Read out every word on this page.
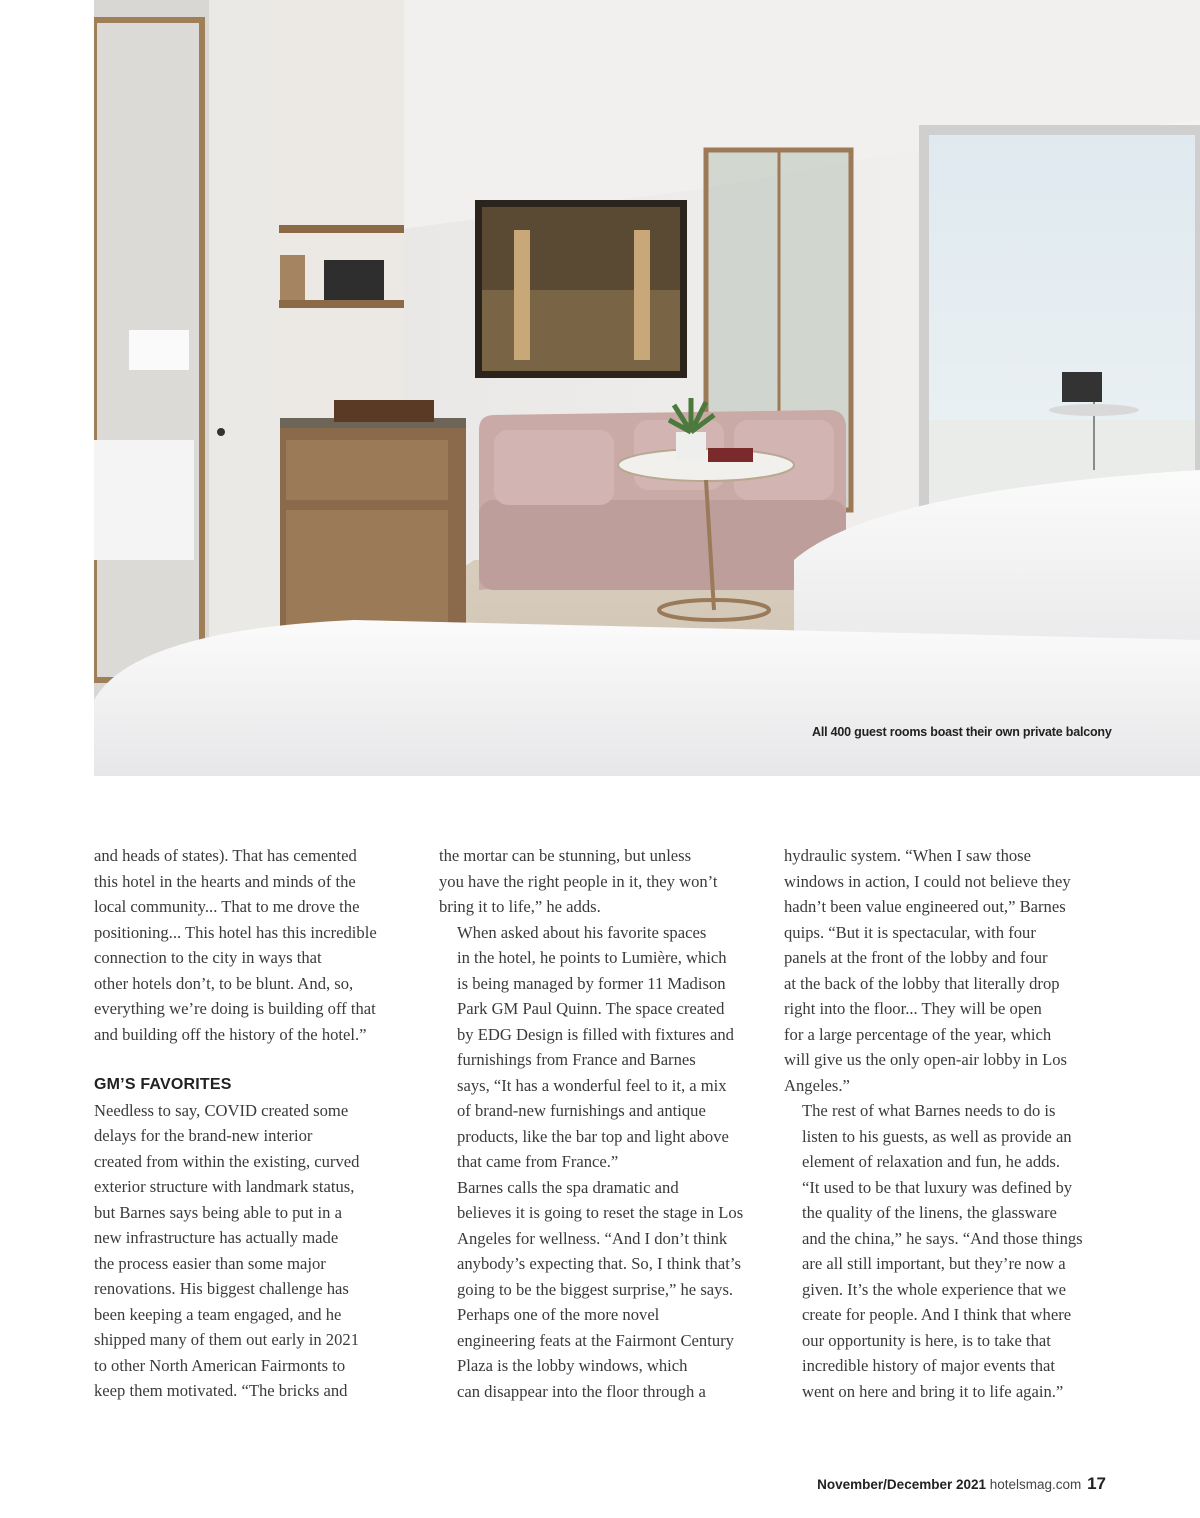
All 400 guest rooms boast their own private balcony

and heads of states). That has cemented
this hotel in the hearts and minds of the
local community... That to me drove the
positioning... This hotel has this incredible
connection to the city in ways that
other hotels don’t, to be blunt. And, so,
everything we’re doing is building off that
and building off the history of the hotel.”

GM’S FAVORITES

Needless to say, COVID created some
delays for the brand-new interior
created from within the existing, curved
exterior structure with landmark status,
but Barnes says being able to put in a
new infrastructure has actually made
the process easier than some major
renovations. His biggest challenge has
been keeping a team engaged, and he
shipped many of them out early in 2021
to other North American Fairmonts to
keep them motivated. “The bricks and

the mortar can be stunning, but unless
you have the right people in it, they won’t
bring it to life,” he adds.

When asked about his favorite spaces
in the hotel, he points to Lumière, which
is being managed by former 11 Madison
Park GM Paul Quinn. The space created
by EDG Design is filled with fixtures and
furnishings from France and Barnes
says, “It has a wonderful feel to it, a mix
of brand-new furnishings and antique
products, like the bar top and light above
that came from France.”

Barnes calls the spa dramatic and
believes it is going to reset the stage in Los
Angeles for wellness. “And I don’t think
anybody’s expecting that. So, I think that’s
going to be the biggest surprise,” he says.

Perhaps one of the more novel
engineering feats at the Fairmont Century
Plaza is the lobby windows, which
can disappear into the floor through a

hydraulic system. “When I saw those
windows in action, I could not believe they
hadn’t been value engineered out,” Barnes
quips. “But it is spectacular, with four
panels at the front of the lobby and four
at the back of the lobby that literally drop
right into the floor... They will be open
for a large percentage of the year, which
will give us the only open-air lobby in Los
Angeles.”

The rest of what Barnes needs to do is
listen to his guests, as well as provide an
element of relaxation and fun, he adds.
“It used to be that luxury was defined by
the quality of the linens, the glassware
and the china,” he says. “And those things
are all still important, but they’re now a
given. It’s the whole experience that we
create for people. And I think that where
our opportunity is here, is to take that
incredible history of major events that
went on here and bring it to life again.”

November/December 2021 hotelsmag.com 17
